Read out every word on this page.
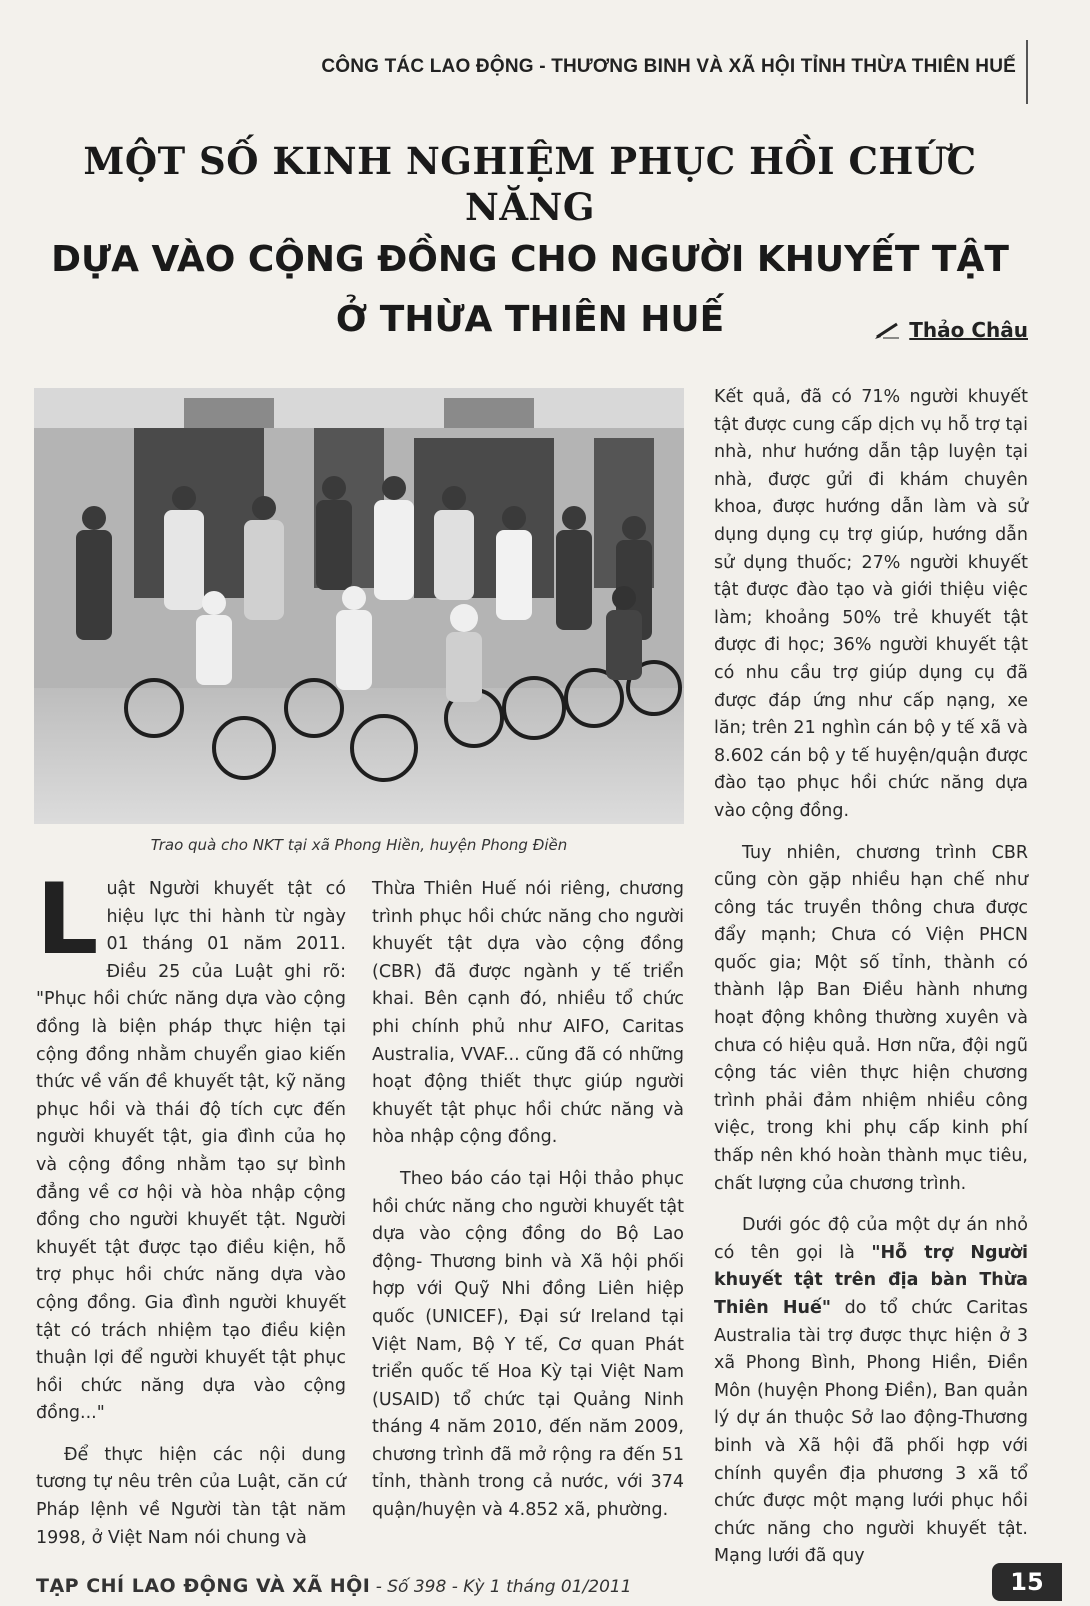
CÔNG TÁC LAO ĐỘNG - THƯƠNG BINH VÀ XÃ HỘI TỈNH THỪA THIÊN HUẾ
MỘT SỐ KINH NGHIỆM PHỤC HỒI CHỨC NĂNG
DỰA VÀO CỘNG ĐỒNG CHO NGƯỜI KHUYẾT TẬT
Ở THỪA THIÊN HUẾ	Thảo Châu
Trao quà cho NKT tại xã Phong Hiền, huyện Phong Điền

Luật Người khuyết tật có hiệu lực thi hành từ ngày 01 tháng 01 năm 2011. Điều 25 của Luật ghi rõ: "Phục hồi chức năng dựa vào cộng đồng là biện pháp thực hiện tại cộng đồng nhằm chuyển giao kiến thức về vấn đề khuyết tật, kỹ năng phục hồi và thái độ tích cực đến người khuyết tật, gia đình của họ và cộng đồng nhằm tạo sự bình đẳng về cơ hội và hòa nhập cộng đồng cho người khuyết tật. Người khuyết tật được tạo điều kiện, hỗ trợ phục hồi chức năng dựa vào cộng đồng. Gia đình người khuyết tật có trách nhiệm tạo điều kiện thuận lợi để người khuyết tật phục hồi chức năng dựa vào cộng đồng..."

Để thực hiện các nội dung tương tự nêu trên của Luật, căn cứ Pháp lệnh về Người tàn tật năm 1998, ở Việt Nam nói chung và

Thừa Thiên Huế nói riêng, chương trình phục hồi chức năng cho người khuyết tật dựa vào cộng đồng (CBR) đã được ngành y tế triển khai. Bên cạnh đó, nhiều tổ chức phi chính phủ như AIFO, Caritas Australia, VVAF... cũng đã có những hoạt động thiết thực giúp người khuyết tật phục hồi chức năng và hòa nhập cộng đồng.

Theo báo cáo tại Hội thảo phục hồi chức năng cho người khuyết tật dựa vào cộng đồng do Bộ Lao động- Thương binh và Xã hội phối hợp với Quỹ Nhi đồng Liên hiệp quốc (UNICEF), Đại sứ Ireland tại Việt Nam, Bộ Y tế, Cơ quan Phát triển quốc tế Hoa Kỳ tại Việt Nam (USAID) tổ chức tại Quảng Ninh tháng 4 năm 2010, đến năm 2009, chương trình đã mở rộng ra đến 51 tỉnh, thành trong cả nước, với 374 quận/huyện và 4.852 xã, phường.

Kết quả, đã có 71% người khuyết tật được cung cấp dịch vụ hỗ trợ tại nhà, như hướng dẫn tập luyện tại nhà, được gửi đi khám chuyên khoa, được hướng dẫn làm và sử dụng dụng cụ trợ giúp, hướng dẫn sử dụng thuốc; 27% người khuyết tật được đào tạo và giới thiệu việc làm; khoảng 50% trẻ khuyết tật được đi học; 36% người khuyết tật có nhu cầu trợ giúp dụng cụ đã được đáp ứng như cấp nạng, xe lăn; trên 21 nghìn cán bộ y tế xã và 8.602 cán bộ y tế huyện/quận được đào tạo phục hồi chức năng dựa vào cộng đồng.

Tuy nhiên, chương trình CBR cũng còn gặp nhiều hạn chế như công tác truyền thông chưa được đẩy mạnh; Chưa có Viện PHCN quốc gia; Một số tỉnh, thành có thành lập Ban Điều hành nhưng hoạt động không thường xuyên và chưa có hiệu quả. Hơn nữa, đội ngũ cộng tác viên thực hiện chương trình phải đảm nhiệm nhiều công việc, trong khi phụ cấp kinh phí thấp nên khó hoàn thành mục tiêu, chất lượng của chương trình.

Dưới góc độ của một dự án nhỏ có tên gọi là "Hỗ trợ Người khuyết tật trên địa bàn Thừa Thiên Huế" do tổ chức Caritas Australia tài trợ được thực hiện ở 3 xã Phong Bình, Phong Hiền, Điền Môn (huyện Phong Điền), Ban quản lý dự án thuộc Sở lao động-Thương binh và Xã hội đã phối hợp với chính quyền địa phương 3 xã tổ chức được một mạng lưới phục hồi chức năng cho người khuyết tật. Mạng lưới đã quy

TẠP CHÍ LAO ĐỘNG VÀ XÃ HỘI - Số 398 - Kỳ 1 tháng 01/2011	15
